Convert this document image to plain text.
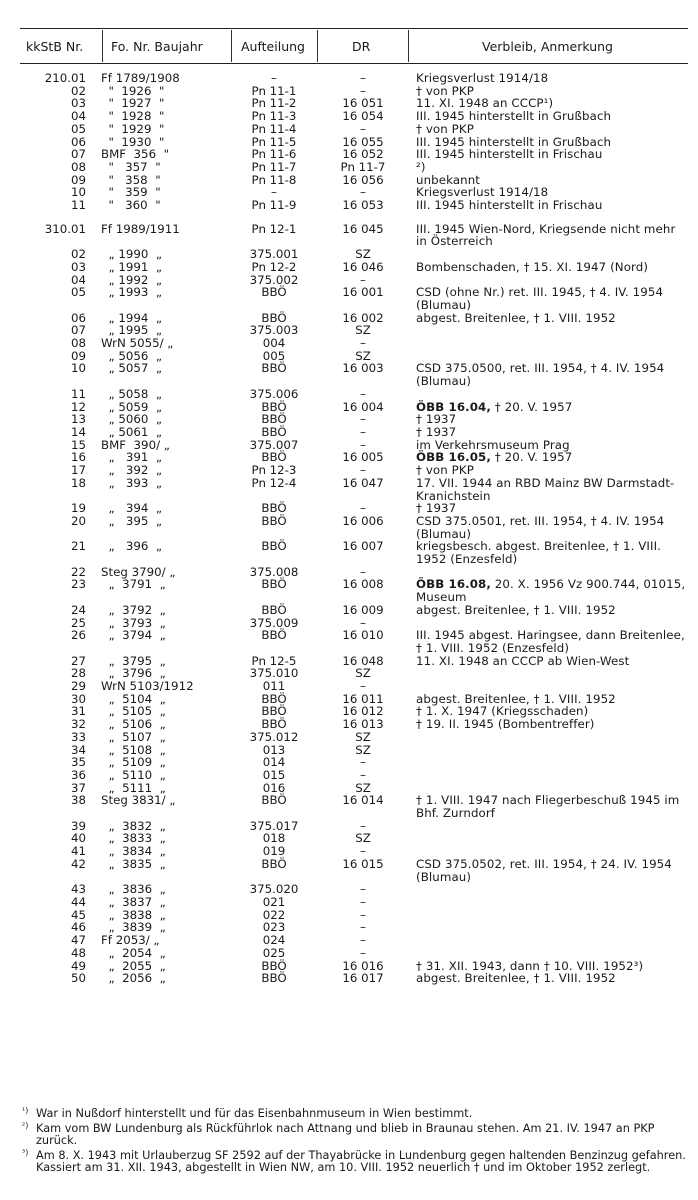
kkStB Nr. Fo. Nr. Baujahr	Aufteilung	DR	Verbleib, Anmerkung
210.01 Ff 1789/1908	–	–	Kriegsverlust 1914/18
02 "  1926  "	Pn 11-1	–	† von PKP
03 "  1927  "	Pn 11-2	16 051	11. XI. 1948 an CCCP¹)
04 "  1928  "	Pn 11-3	16 054	III. 1945 hinterstellt in Grußbach
05 "  1929  "	Pn 11-4	–	† von PKP
06 "  1930  "	Pn 11-5	16 055	III. 1945 hinterstellt in Grußbach
07 BMF  356  "	Pn 11-6	16 052	III. 1945 hinterstellt in Frischau
08 "   357  "	Pn 11-7	Pn 11-7	²)
09 "   358  "	Pn 11-8	16 056	unbekannt
10 "   359  "	–	–	Kriegsverlust 1914/18
11 "   360  "	Pn 11-9	16 053	III. 1945 hinterstellt in Frischau
310.01 Ff 1989/1911	Pn 12-1	16 045	III. 1945 Wien-Nord, Kriegsende nicht mehr in Österreich
02 „ 1990  „	375.001	SZ

03 „ 1991  „	Pn 12-2	16 046	Bombenschaden, † 15. XI. 1947 (Nord)
04 „ 1992  „	375.002	–

05 „ 1993  „	BBÖ	16 001	CSD (ohne Nr.) ret. III. 1945, † 4. IV. 1954 (Blumau)
06 „ 1994  „	BBÖ	16 002	abgest. Breitenlee, † 1. VIII. 1952
07 „ 1995  „	375.003	SZ

08 WrN 5055/ „	004	–

09 „ 5056  „	005	SZ

10 „ 5057  „	BBÖ	16 003	CSD 375.0500, ret. III. 1954, † 4. IV. 1954 (Blumau)
11 „ 5058  „	375.006	–

12 „ 5059  „	BBÖ	16 004	ÖBB 16.04, † 20. V. 1957
13 „ 5060  „	BBÖ	–	† 1937
14 „ 5061  „	BBÖ	–	† 1937
15 BMF  390/ „	375.007	–	im Verkehrsmuseum Prag
16 „   391  „	BBÖ	16 005	ÖBB 16.05, † 20. V. 1957
17 „   392  „	Pn 12-3	–	† von PKP
18 „   393  „	Pn 12-4	16 047	17. VII. 1944 an RBD Mainz BW Darmstadt-Kranichstein
19 „   394  „	BBÖ	–	† 1937
20 „   395  „	BBÖ	16 006	CSD 375.0501, ret. III. 1954, † 4. IV. 1954 (Blumau)
21 „   396  „	BBÖ	16 007	kriegsbesch. abgest. Breitenlee, † 1. VIII. 1952 (Enzesfeld)
22 Steg 3790/ „	375.008	–

23 „  3791  „	BBÖ	16 008	ÖBB 16.08, 20. X. 1956 Vz 900.744, 01015, Museum
24 „  3792  „	BBÖ	16 009	abgest. Breitenlee, † 1. VIII. 1952
25 „  3793  „	375.009	–

26 „  3794  „	BBÖ	16 010	III. 1945 abgest. Haringsee, dann Breitenlee, † 1. VIII. 1952 (Enzesfeld)
27 „  3795  „	Pn 12-5	16 048	11. XI. 1948 an CCCP ab Wien-West
28 „  3796  „	375.010	SZ

29 WrN 5103/1912	011	–

30 „  5104  „	BBÖ	16 011	abgest. Breitenlee, † 1. VIII. 1952
31 „  5105  „	BBÖ	16 012	† 1. X. 1947 (Kriegsschaden)
32 „  5106  „	BBÖ	16 013	† 19. II. 1945 (Bombentreffer)
33 „  5107  „	375.012	SZ

34 „  5108  „	013	SZ

35 „  5109  „	014	–

36 „  5110  „	015	–

37 „  5111  „	016	SZ

38 Steg 3831/ „	BBÖ	16 014	† 1. VIII. 1947 nach Fliegerbeschuß 1945 im Bhf. Zurndorf
39 „  3832  „	375.017	–

40 „  3833  „	018	SZ

41 „  3834  „	019	–

42 „  3835  „	BBÖ	16 015	CSD 375.0502, ret. III. 1954, † 24. IV. 1954 (Blumau)
43 „  3836  „	375.020	–

44 „  3837  „	021	–

45 „  3838  „	022	–

46 „  3839  „	023	–

47 Ff 2053/ „	024	–

48 „  2054  „	025	–

49 „  2055  „	BBÖ	16 016	† 31. XII. 1943, dann † 10. VIII. 1952³)
50 „  2056  „	BBÖ	16 017	abgest. Breitenlee, † 1. VIII. 1952
¹) War in Nußdorf hinterstellt und für das Eisenbahnmuseum in Wien bestimmt.
²) Kam vom BW Lundenburg als Rückführlok nach Attnang und blieb in Braunau stehen. Am 21. IV. 1947 an PKP zurück.
³) Am 8. X. 1943 mit Urlauberzug SF 2592 auf der Thayabrücke in Lundenburg gegen haltenden Benzinzug gefahren. Kassiert am 31. XII. 1943, abgestellt in Wien NW, am 10. VIII. 1952 neuerlich † und im Oktober 1952 zerlegt.
